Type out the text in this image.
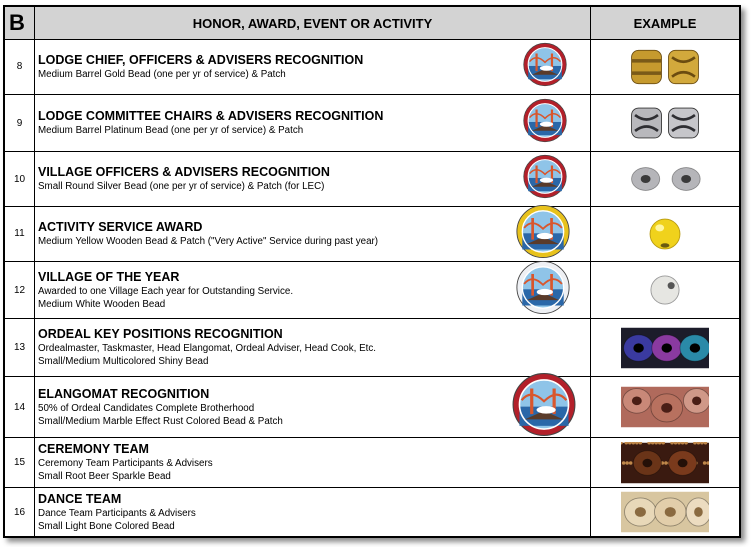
B	HONOR, AWARD, EVENT OR ACTIVITY	EXAMPLE
8	LODGE CHIEF, OFFICERS & ADVISERS RECOGNITION
Medium Barrel Gold Bead (one per yr of service) & Patch

9	LODGE COMMITTEE CHAIRS & ADVISERS RECOGNITION
Medium Barrel Platinum Bead (one per yr of service) & Patch

10	VILLAGE OFFICERS & ADVISERS RECOGNITION
Small Round Silver Bead (one per yr of service) & Patch (for LEC)

11	ACTIVITY SERVICE AWARD
Medium Yellow Wooden Bead & Patch ("Very Active" Service during past year)

12	VILLAGE OF THE YEAR
Awarded to one Village Each year for Outstanding Service.
Medium White Wooden Bead

13	ORDEAL KEY POSITIONS RECOGNITION
Ordealmaster, Taskmaster, Head Elangomat, Ordeal Adviser, Head Cook, Etc.
Small/Medium Multicolored Shiny Bead

14	ELANGOMAT RECOGNITION
50% of Ordeal Candidates Complete Brotherhood
Small/Medium Marble Effect Rust Colored Bead & Patch

15	CEREMONY TEAM
Ceremony Team Participants & Advisers
Small Root Beer Sparkle Bead

16	DANCE TEAM
Dance Team Participants & Advisers
Small Light Bone Colored Bead
